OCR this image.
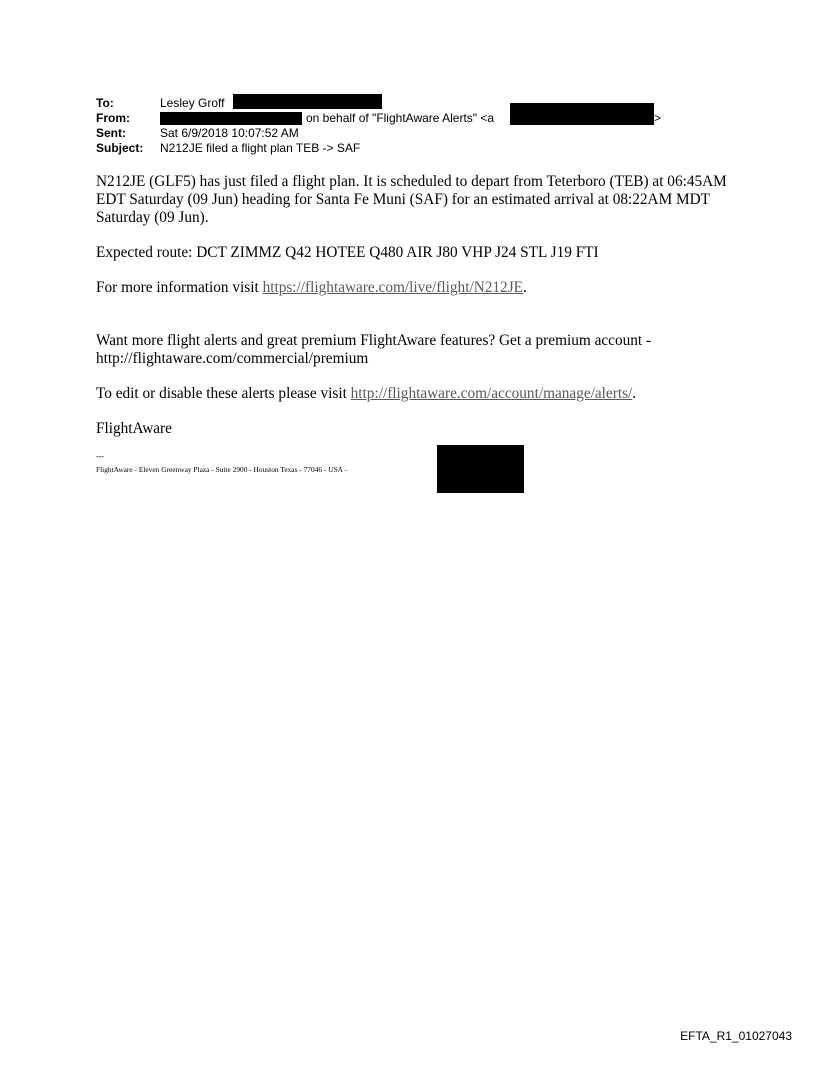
To:	Lesley Groff
From:	on behalf of "FlightAware Alerts" <a	>
Sent:	Sat 6/9/2018 10:07:52 AM
Subject: N212JE filed a flight plan TEB -> SAF

N212JE (GLF5) has just filed a flight plan. It is scheduled to depart from Teterboro (TEB) at 06:45AM EDT Saturday (09 Jun) heading for Santa Fe Muni (SAF) for an estimated arrival at 08:22AM MDT Saturday (09 Jun).

Expected route: DCT ZIMMZ Q42 HOTEE Q480 AIR J80 VHP J24 STL J19 FTI

For more information visit https://flightaware.com/live/flight/N212JE.

Want more flight alerts and great premium FlightAware features? Get a premium account - http://flightaware.com/commercial/premium

To edit or disable these alerts please visit http://flightaware.com/account/manage/alerts/.

FlightAware

---
FlightAware - Eleven Greenway Plaza - Suite 2900 - Houston Texas - 77046 - USA -
EFTA_R1_01027043
